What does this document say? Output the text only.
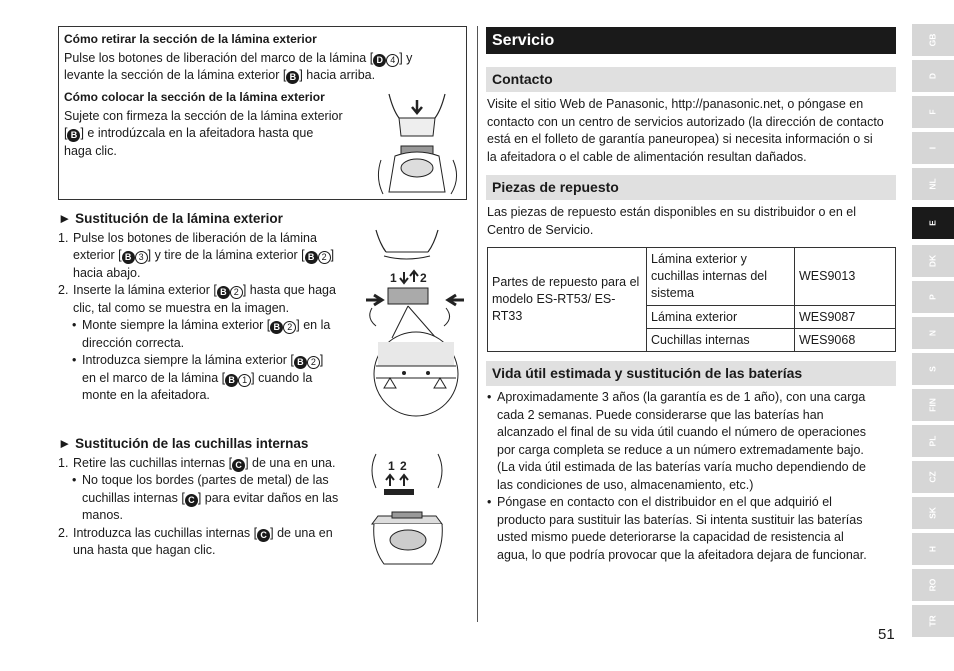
Cómo retirar la sección de la lámina exterior
Pulse los botones de liberación del marco de la lámina [ D 4 ] y
levante la sección de la lámina exterior [ B ] hacia arriba.
Cómo colocar la sección de la lámina exterior
Sujete con firmeza la sección de la lámina exterior
[ B ] e introdúzcala en la afeitadora hasta que
haga clic.
► Sustitución de la lámina exterior
1. Pulse los botones de liberación de la lámina
exterior [ B 3 ] y tire de la lámina exterior [ B 2 ]
hacia abajo.
2. Inserte la lámina exterior [ B 2 ] hasta que haga
clic, tal como se muestra en la imagen.
• Monte siempre la lámina exterior [ B 2 ] en la
dirección correcta.
• Introduzca siempre la lámina exterior [ B 2 ]
en el marco de la lámina [ B 1 ] cuando la
monte en la afeitadora.
1 2
► Sustitución de las cuchillas internas
1. Retire las cuchillas internas [ C ] de una en una.
• No toque los bordes (partes de metal) de las
cuchillas internas [ C ] para evitar daños en las
manos.
2. Introduzca las cuchillas internas [ C ] de una en
una hasta que hagan clic.
1 2
Servicio
Contacto
Visite el sitio Web de Panasonic, http://panasonic.net, o póngase en
contacto con un centro de servicios autorizado (la dirección de contacto
está en el folleto de garantía paneuropea) si necesita información o si
la afeitadora o el cable de alimentación resultan dañados.
Piezas de repuesto
Las piezas de repuesto están disponibles en su distribuidor o en el
Centro de Servicio.
Partes de repuesto para el modelo ES-RT53/ ES-RT33	Lámina exterior y cuchillas internas del sistema	WES9013
	Lámina exterior	WES9087
	Cuchillas internas	WES9068
Vida útil estimada y sustitución de las baterías
• Aproximadamente 3 años (la garantía es de 1 año), con una carga
cada 2 semanas. Puede considerarse que las baterías han
alcanzado el final de su vida útil cuando el número de operaciones
por carga completa se reduce a un número extremadamente bajo.
(La vida útil estimada de las baterías varía mucho dependiendo de
las condiciones de uso, almacenamiento, etc.)
• Póngase en contacto con el distribuidor en el que adquirió el
producto para sustituir las baterías. Si intenta sustituir las baterías
usted mismo puede deteriorarse la capacidad de resistencia al
agua, lo que podría provocar que la afeitadora dejara de funcionar.
GB
D
F
I
NL
E
DK
P
N
S
FIN
PL
CZ
SK
H
RO
TR
51
